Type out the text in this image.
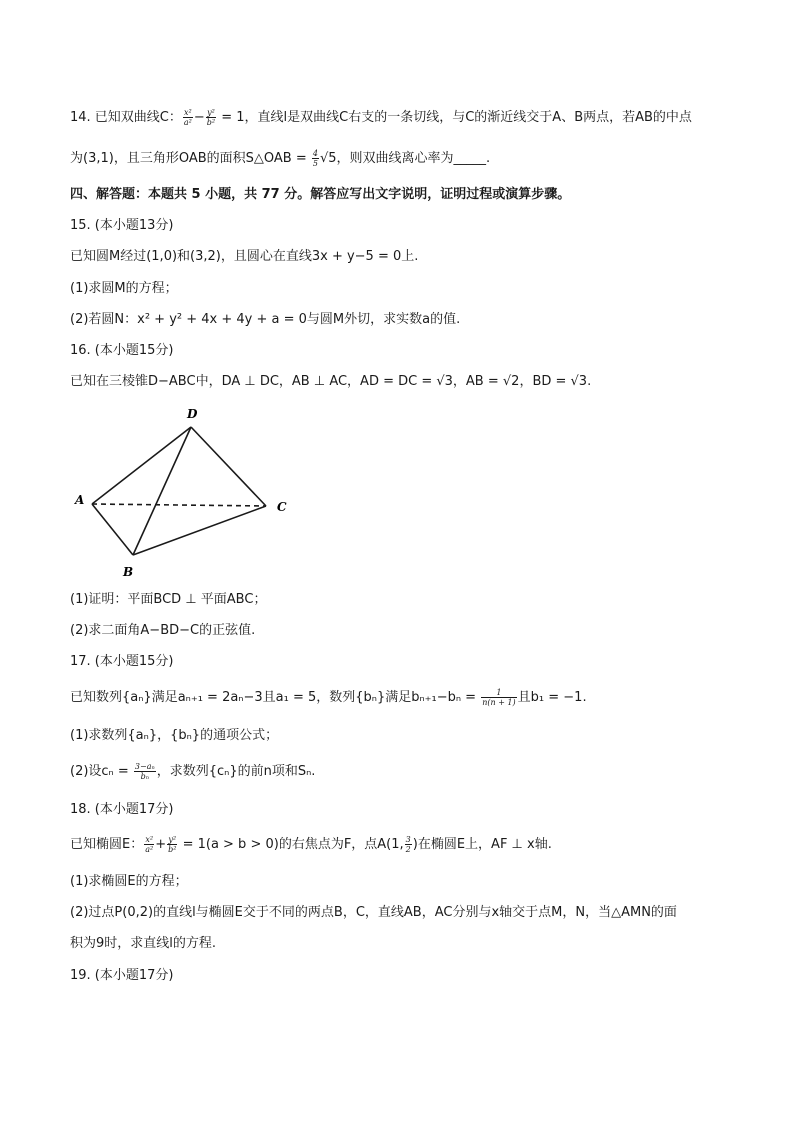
14. 已知双曲线C： $\frac{\text{x²}}{\text{a²}} - \frac{\text{y²}}{\text{b²}} = 1$，直线l是双曲线C右支的一条切线，与C的渐近线交于A、B两点，若AB的中点
为(3,1)，且三角形OAB的面积S△OAB = $\frac{4}{5} √5$，则双曲线离心率为_____.
四、解答题：本题共 5 小题，共 77 分。解答应写出文字说明，证明过程或演算步骤。
15. (本小题13分)
已知圆M经过(1,0)和(3,2)，且圆心在直线3x + y−5 = 0上.
(1)求圆M的方程；
(2)若圆N：x² + y² + 4x + 4y + a = 0与圆M外切，求实数a的值.
16. (本小题15分)
已知在三棱锥D−ABC中，DA ⊥ DC，AB ⊥ AC，AD = DC = √3，AB = √2，BD = √3.
D
A	C
B
(1)证明：平面BCD ⊥ 平面ABC；
(2)求二面角A−BD−C的正弦值.
17. (本小题15分)
已知数列{aₙ}满足aₙ₊₁ = 2aₙ−3且a₁ = 5，数列{bₙ}满足$b_{n+1}-b_n = \frac{1}{n(n + 1)}$ 且b₁ = −1.
(1)求数列{aₙ}，{bₙ}的通项公式；
(2)设$c_n = \frac{\text{3−aₙ}}{\text{bₙ}}$ ，求数列{cₙ}的前n项和Sₙ.
18. (本小题17分)
已知椭圆E： $\frac{\text{x²}}{\text{a²}} + \frac{\text{y²}}{\text{b²}} = 1(a > b > 0)$的右焦点为F，点A(1, $\frac{3}{2}$ )在椭圆E上，AF ⊥ x轴.
(1)求椭圆E的方程；
(2)过点P(0,2)的直线l与椭圆E交于不同的两点B，C，直线AB，AC分别与x轴交于点M，N，当△AMN的面
积为9时，求直线l的方程.
19. (本小题17分)
